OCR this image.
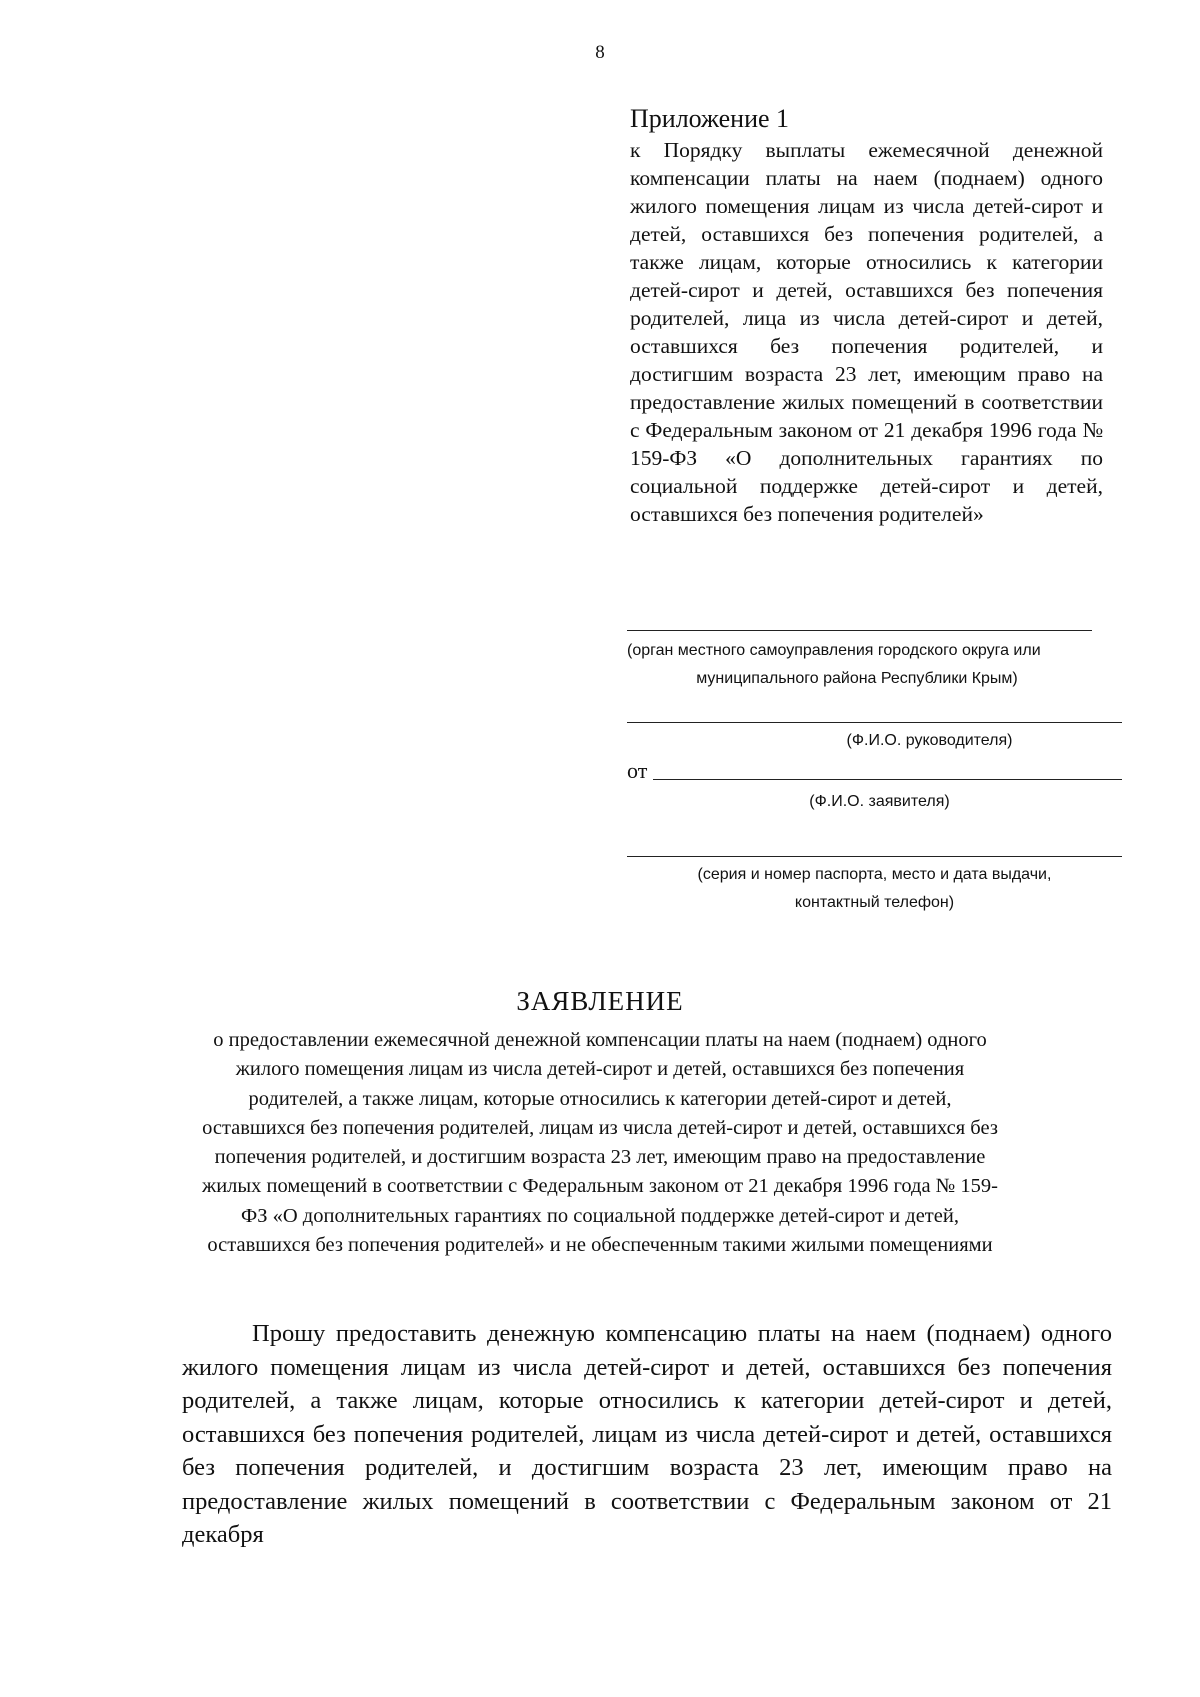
8

Приложение 1

к Порядку выплаты ежемесячной денежной компенсации платы на наем (поднаем) одного жилого помещения лицам из числа детей-сирот и детей, оставшихся без попечения родителей, а также лицам, которые относились к категории детей-сирот и детей, оставшихся без попечения родителей, лица из числа детей-сирот и детей, оставшихся без попечения родителей, и достигшим возраста 23 лет, имеющим право на предоставление жилых помещений в соответствии с Федеральным законом от 21 декабря 1996 года № 159-ФЗ «О дополнительных гарантиях по социальной поддержке детей-сирот и детей, оставшихся без попечения родителей»

(орган местного самоуправления городского округа или
муниципального района Республики Крым)
(Ф.И.О. руководителя)
от
(Ф.И.О. заявителя)
(серия и номер паспорта, место и дата выдачи,
контактный телефон)
ЗАЯВЛЕНИЕ

о предоставлении ежемесячной денежной компенсации платы на наем (поднаем) одного жилого помещения лицам из числа детей-сирот и детей, оставшихся без попечения родителей, а также лицам, которые относились к категории детей-сирот и детей, оставшихся без попечения родителей, лицам из числа детей-сирот и детей, оставшихся без попечения родителей, и достигшим возраста 23 лет, имеющим право на предоставление жилых помещений в соответствии с Федеральным законом от 21 декабря 1996 года № 159-ФЗ «О дополнительных гарантиях по социальной поддержке детей-сирот и детей, оставшихся без попечения родителей» и не обеспеченным такими жилыми помещениями

Прошу предоставить денежную компенсацию платы на наем (поднаем) одного жилого помещения лицам из числа детей-сирот и детей, оставшихся без попечения родителей, а также лицам, которые относились к категории детей-сирот и детей, оставшихся без попечения родителей, лицам из числа детей-сирот и детей, оставшихся без попечения родителей, и достигшим возраста 23 лет, имеющим право на предоставление жилых помещений в соответствии с Федеральным законом от 21 декабря
